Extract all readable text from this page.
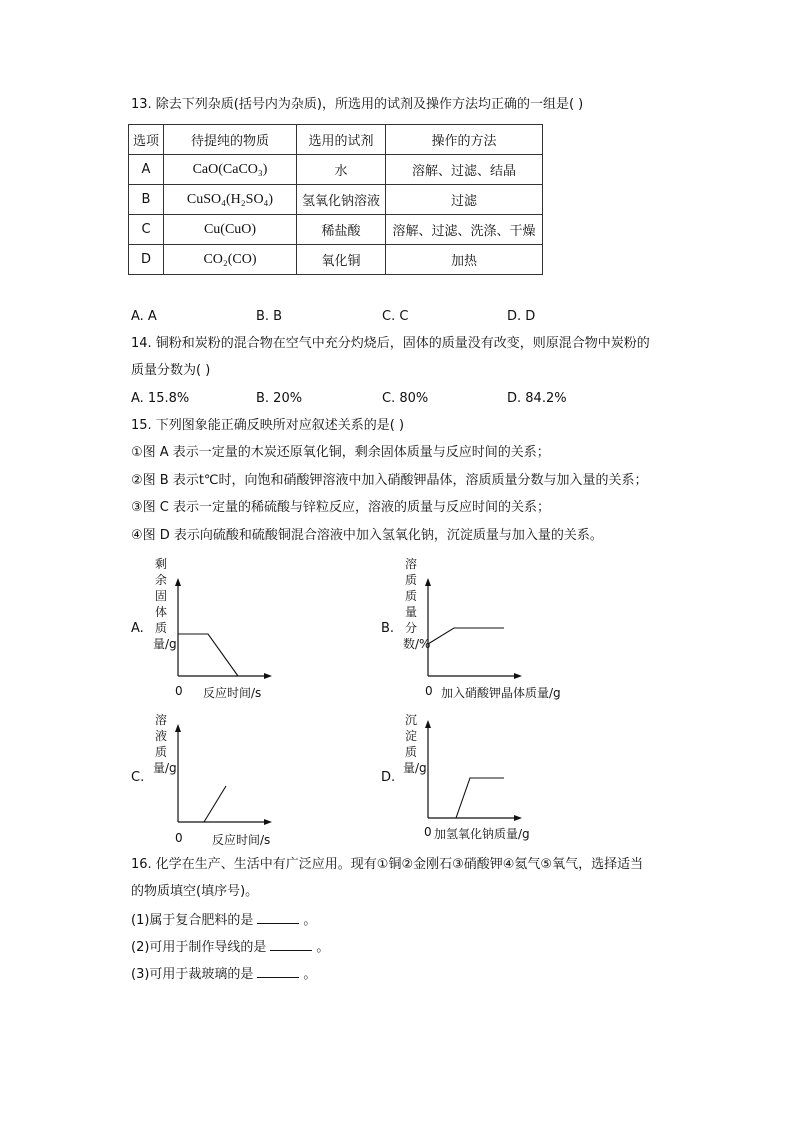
13. 除去下列杂质(括号内为杂质)，所选用的试剂及操作方法均正确的一组是( )
选项	待提纯的物质	选用的试剂	操作的方法
A	CaO(CaCO₃)	水	溶解、过滤、结晶
B	CuSO₄(H₂SO₄)	氢氧化钠溶液	过滤
C	Cu(CuO)	稀盐酸	溶解、过滤、洗涤、干燥
D	CO₂(CO)	氧化铜	加热
A. A	B. B	C. C	D. D
14. 铜粉和炭粉的混合物在空气中充分灼烧后，固体的质量没有改变，则原混合物中炭粉的
质量分数为( )
A. 15.8%	B. 20%	C. 80%	D. 84.2%
15. 下列图象能正确反映所对应叙述关系的是( )
①图 A 表示一定量的木炭还原氧化铜，剩余固体质量与反应时间的关系；
②图 B 表示t℃时，向饱和硝酸钾溶液中加入硝酸钾晶体，溶质质量分数与加入量的关系；
③图 C 表示一定量的稀硫酸与锌粒反应，溶液的质量与反应时间的关系；
④图 D 表示向硫酸和硫酸铜混合溶液中加入氢氧化钠，沉淀质量与加入量的关系。
A.
剩余固体质量/g
0 反应时间/s
B.
溶质质量分数/%
0 加入硝酸钾晶体质量/g
C.
溶液质量/g
0 反应时间/s
D.
沉淀质量/g
0 加氢氧化钠质量/g
16. 化学在生产、生活中有广泛应用。现有①铜②金刚石③硝酸钾④氦气⑤氧气，选择适当
的物质填空(填序号)。
(1)属于复合肥料的是	。
(2)可用于制作导线的是	。
(3)可用于裁玻璃的是	。
